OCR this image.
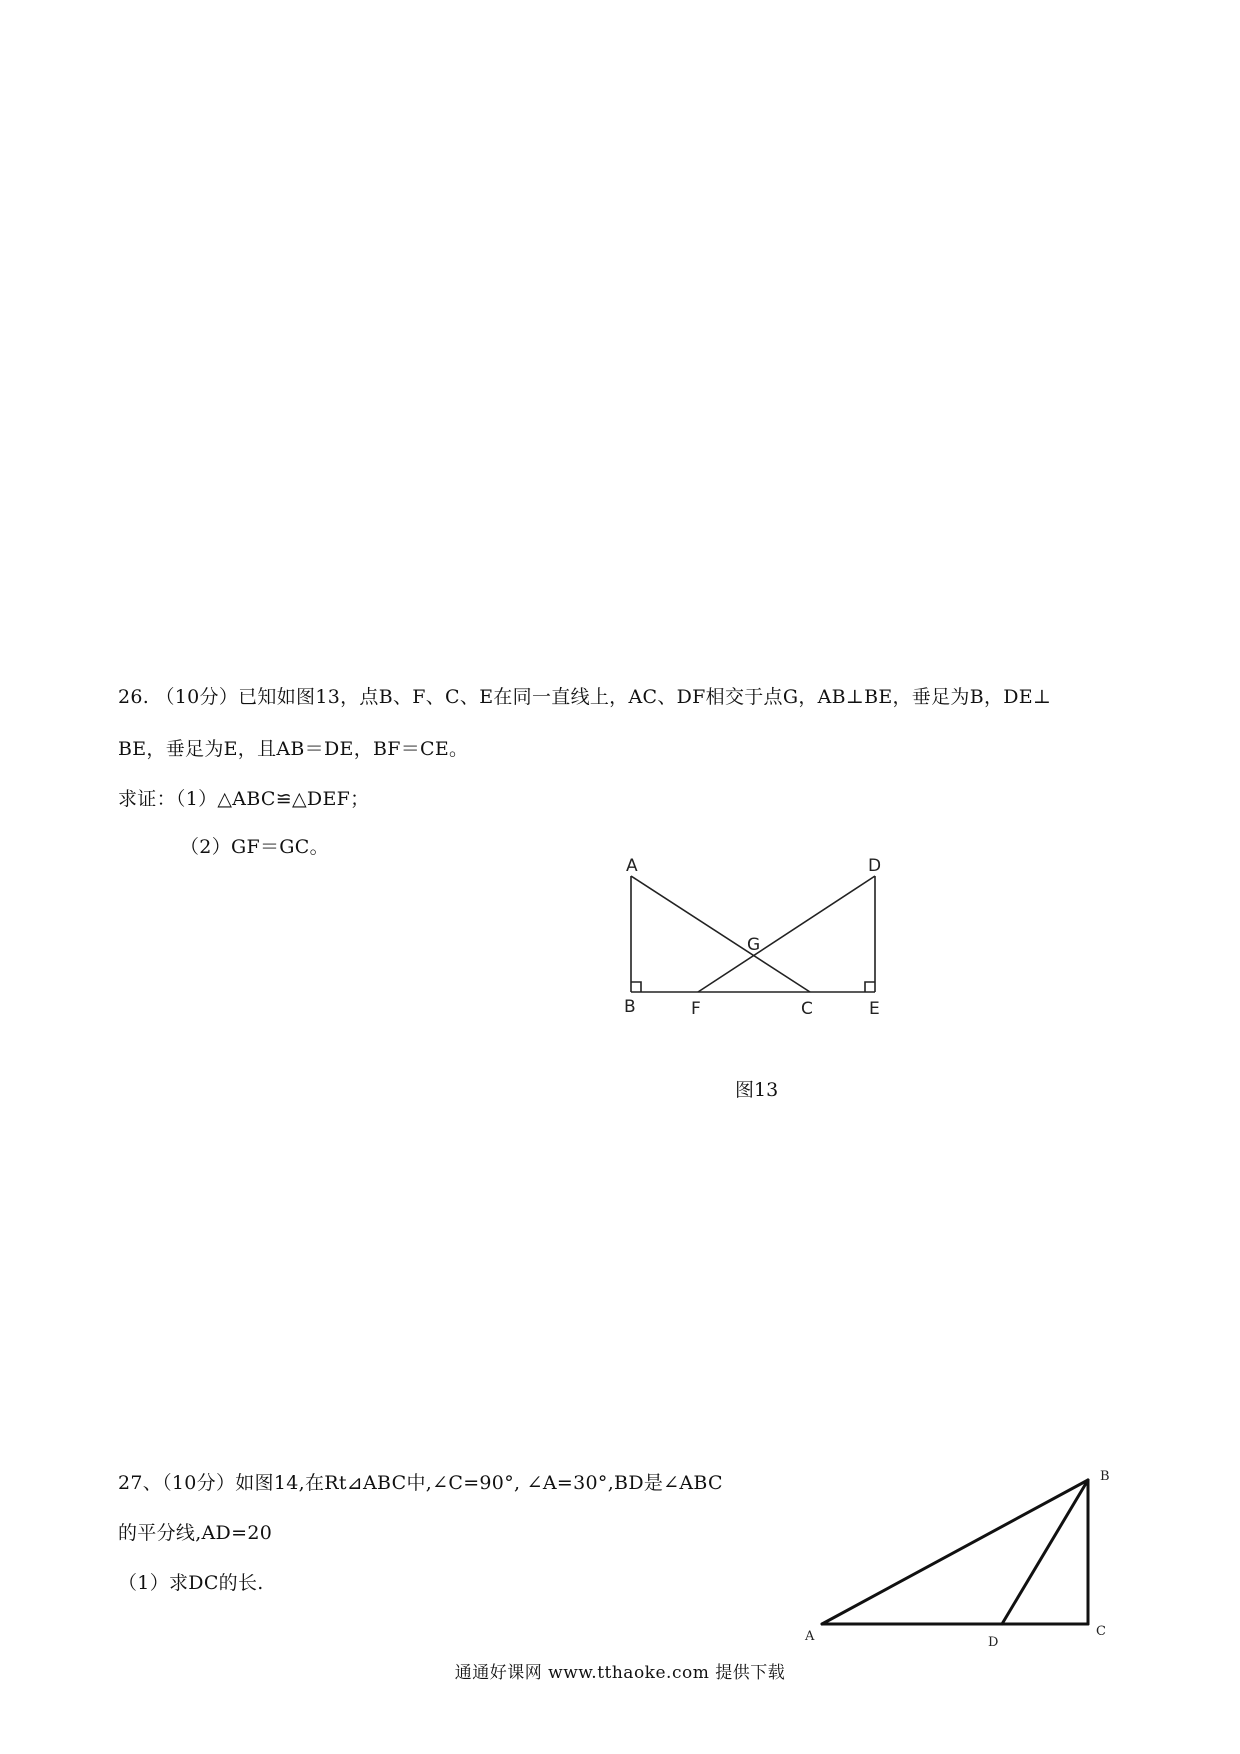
26. （10分）已知如图13，点B、F、C、E在同一直线上，AC、DF相交于点G，AB⊥BE，垂足为B，DE⊥
BE，垂足为E，且AB＝DE，BF＝CE。
求证：（1）△ABC≌△DEF；
（2）GF＝GC。
A	D
G
B	F	C	E
图13
27、（10分）如图14,在Rt⊿ABC中,∠C=90°, ∠A=30°,BD是∠ABC
的平分线,AD=20
（1）求DC的长.
B
A	D
C
通通好课网 www.tthaoke.com 提供下载
